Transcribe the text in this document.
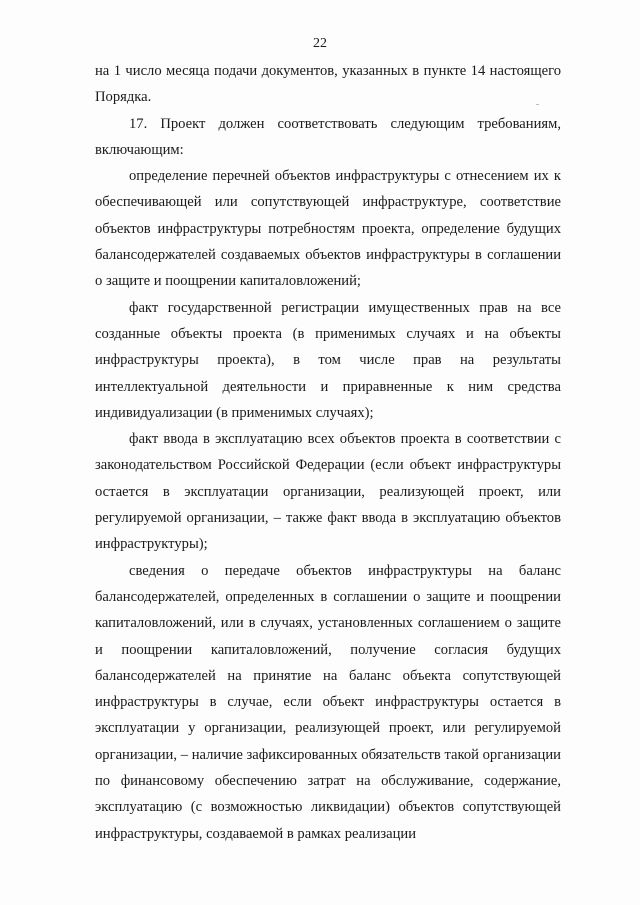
22

на 1 число месяца подачи документов, указанных в пункте 14 настоящего Порядка.

17. Проект должен соответствовать следующим требованиям, включающим:

определение перечней объектов инфраструктуры с отнесением их к обеспечивающей или сопутствующей инфраструктуре, соответствие объектов инфраструктуры потребностям проекта, определение будущих балансодержателей создаваемых объектов инфраструктуры в соглашении о защите и поощрении капиталовложений;

факт государственной регистрации имущественных прав на все созданные объекты проекта (в применимых случаях и на объекты инфраструктуры проекта), в том числе прав на результаты интеллектуальной деятельности и приравненные к ним средства индивидуализации (в применимых случаях);

факт ввода в эксплуатацию всех объектов проекта в соответствии с законодательством Российской Федерации (если объект инфраструктуры остается в эксплуатации организации, реализующей проект, или регулируемой организации, – также факт ввода в эксплуатацию объектов инфраструктуры);

сведения о передаче объектов инфраструктуры на баланс балансодержателей, определенных в соглашении о защите и поощрении капиталовложений, или в случаях, установленных соглашением о защите и поощрении капиталовложений, получение согласия будущих балансодержателей на принятие на баланс объекта сопутствующей инфраструктуры в случае, если объект инфраструктуры остается в эксплуатации у организации, реализующей проект, или регулируемой организации, – наличие зафиксированных обязательств такой организации по финансовому обеспечению затрат на обслуживание, содержание, эксплуатацию (с возможностью ликвидации) объектов сопутствующей инфраструктуры, создаваемой в рамках реализации
